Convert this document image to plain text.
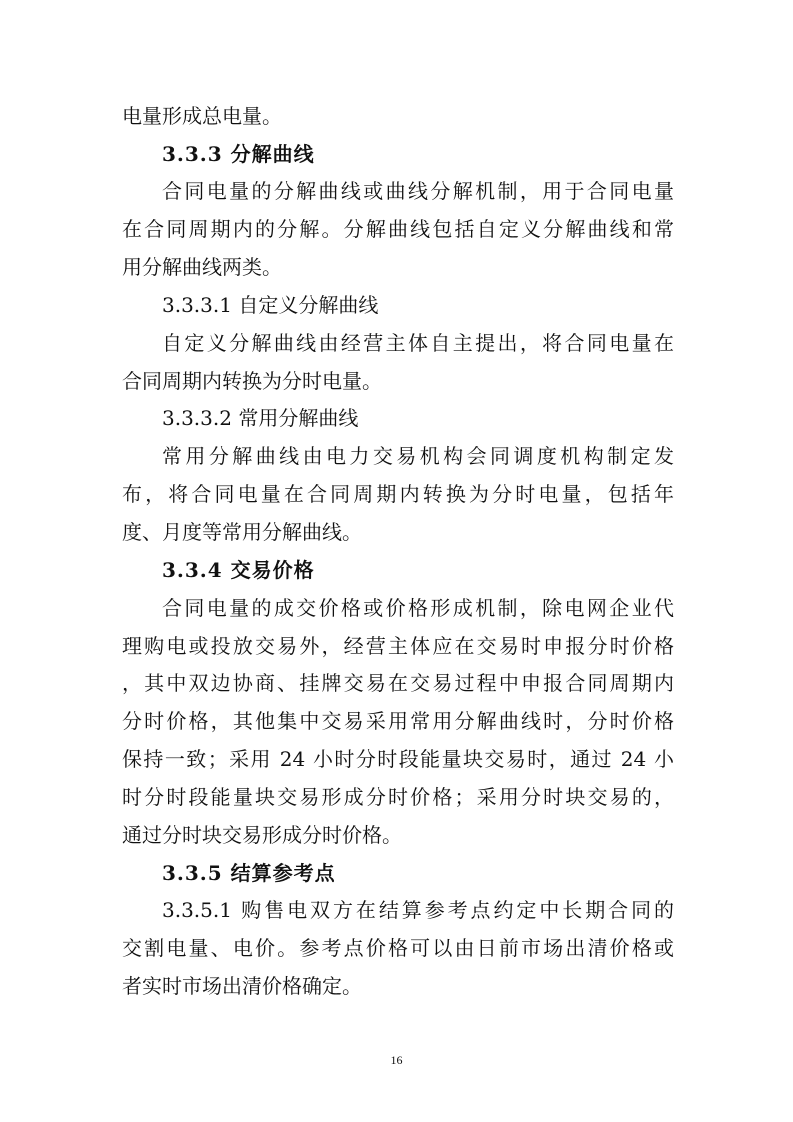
电量形成总电量。
3.3.3 分解曲线
合同电量的分解曲线或曲线分解机制，用于合同电量
在合同周期内的分解。分解曲线包括自定义分解曲线和常
用分解曲线两类。
3.3.3.1 自定义分解曲线
自定义分解曲线由经营主体自主提出，将合同电量在
合同周期内转换为分时电量。
3.3.3.2 常用分解曲线
常用分解曲线由电力交易机构会同调度机构制定发
布，将合同电量在合同周期内转换为分时电量，包括年
度、月度等常用分解曲线。
3.3.4 交易价格
合同电量的成交价格或价格形成机制，除电网企业代
理购电或投放交易外，经营主体应在交易时申报分时价格
，其中双边协商、挂牌交易在交易过程中申报合同周期内
分时价格，其他集中交易采用常用分解曲线时，分时价格
保持一致；采用 24 小时分时段能量块交易时，通过 24 小
时分时段能量块交易形成分时价格；采用分时块交易的，
通过分时块交易形成分时价格。
3.3.5 结算参考点
3.3.5.1 购售电双方在结算参考点约定中长期合同的
交割电量、电价。参考点价格可以由日前市场出清价格或
者实时市场出清价格确定。
16
